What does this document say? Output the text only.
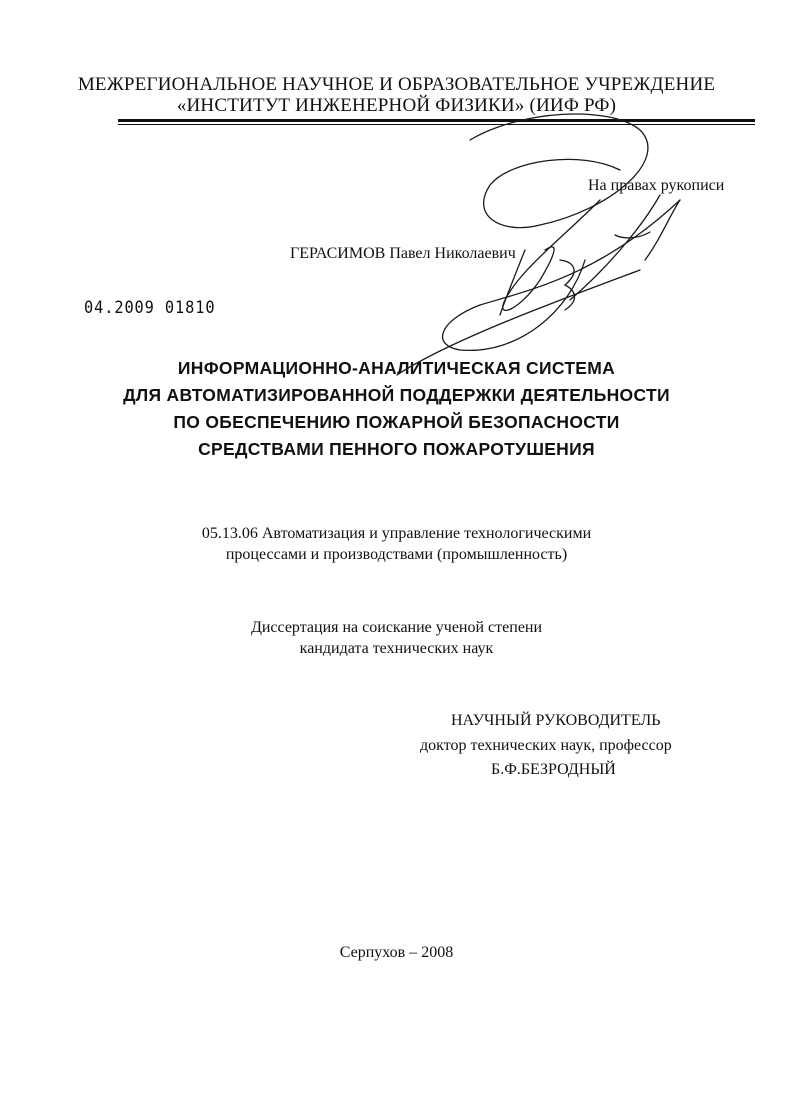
МЕЖРЕГИОНАЛЬНОЕ НАУЧНОЕ И ОБРАЗОВАТЕЛЬНОЕ УЧРЕЖДЕНИЕ
«ИНСТИТУТ ИНЖЕНЕРНОЙ ФИЗИКИ» (ИИФ РФ)
На правах рукописи
ГЕРАСИМОВ Павел Николаевич
04.2009 01810
ИНФОРМАЦИОННО-АНАЛИТИЧЕСКАЯ СИСТЕМА
ДЛЯ АВТОМАТИЗИРОВАННОЙ ПОДДЕРЖКИ ДЕЯТЕЛЬНОСТИ
ПО ОБЕСПЕЧЕНИЮ ПОЖАРНОЙ БЕЗОПАСНОСТИ
СРЕДСТВАМИ ПЕННОГО ПОЖАРОТУШЕНИЯ
05.13.06 Автоматизация и управление технологическими
процессами и производствами (промышленность)
Диссертация на соискание ученой степени
кандидата технических наук
НАУЧНЫЙ РУКОВОДИТЕЛЬ
доктор технических наук, профессор
Б.Ф.БЕЗРОДНЫЙ
Серпухов – 2008
